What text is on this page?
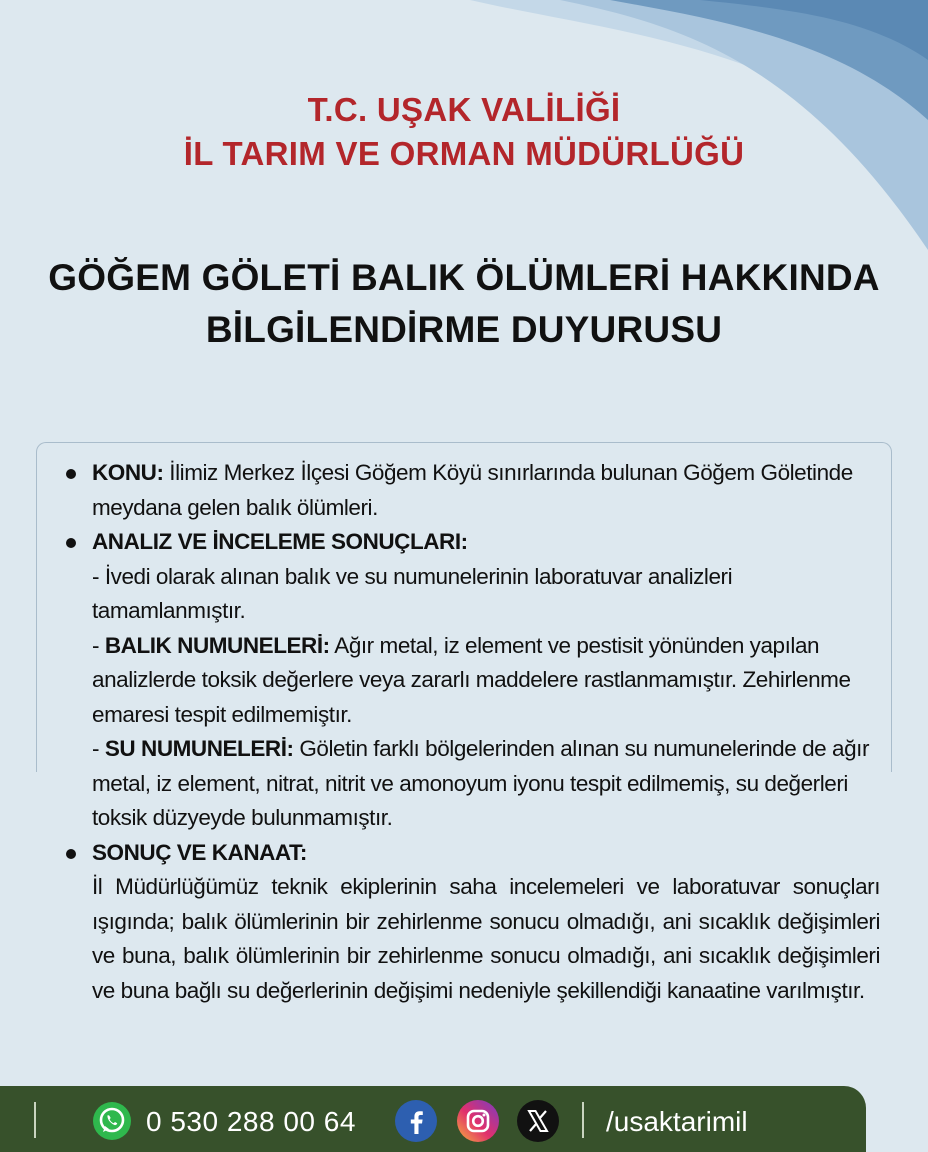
T.C. UŞAK VALİLİĞİ
İL TARIM VE ORMAN MÜDÜRLÜĞÜ
GÖĞEM GÖLETİ BALIK ÖLÜMLERİ HAKKINDA
BİLGİLENDİRME DUYURUSU
KONU: İlimiz Merkez İlçesi Göğem Köyü sınırlarında bulunan Göğem Göletinde meydana gelen balık ölümleri.
ANALIZ VE İNCELEME SONUÇLARI:
- İvedi olarak alınan balık ve su numunelerinin laboratuvar analizleri tamamlanmıştır.
- BALIK NUMUNELERİ: Ağır metal, iz element ve pestisit yönünden yapılan analizlerde toksik değerlere veya zararlı maddelere rastlanmamıştır. Zehirlenme emaresi tespit edilmemiştır.
- SU NUMUNELERİ: Göletin farklı bölgelerinden alınan su numunelerinde de ağır metal, iz element, nitrat, nitrit ve amonoyum iyonu tespit edilmemiş, su değerleri toksik düzyeyde bulunmamıştır.
SONUÇ VE KANAAT:
İl Müdürlüğümüz teknik ekiplerinin saha incelemeleri ve laboratuvar sonuçları ışıgında; balık ölümlerinin bir zehirlenme sonucu olmadığı, ani sıcaklık değişimleri ve buna, balık ölümlerinin bir zehirlenme sonucu olmadığı, ani sıcaklık değişimleri ve buna bağlı su değerlerinin değişimi nedeniyle şekillendiği kanaatine varılmıştır.
0 530 288 00 64	/usaktarimil
